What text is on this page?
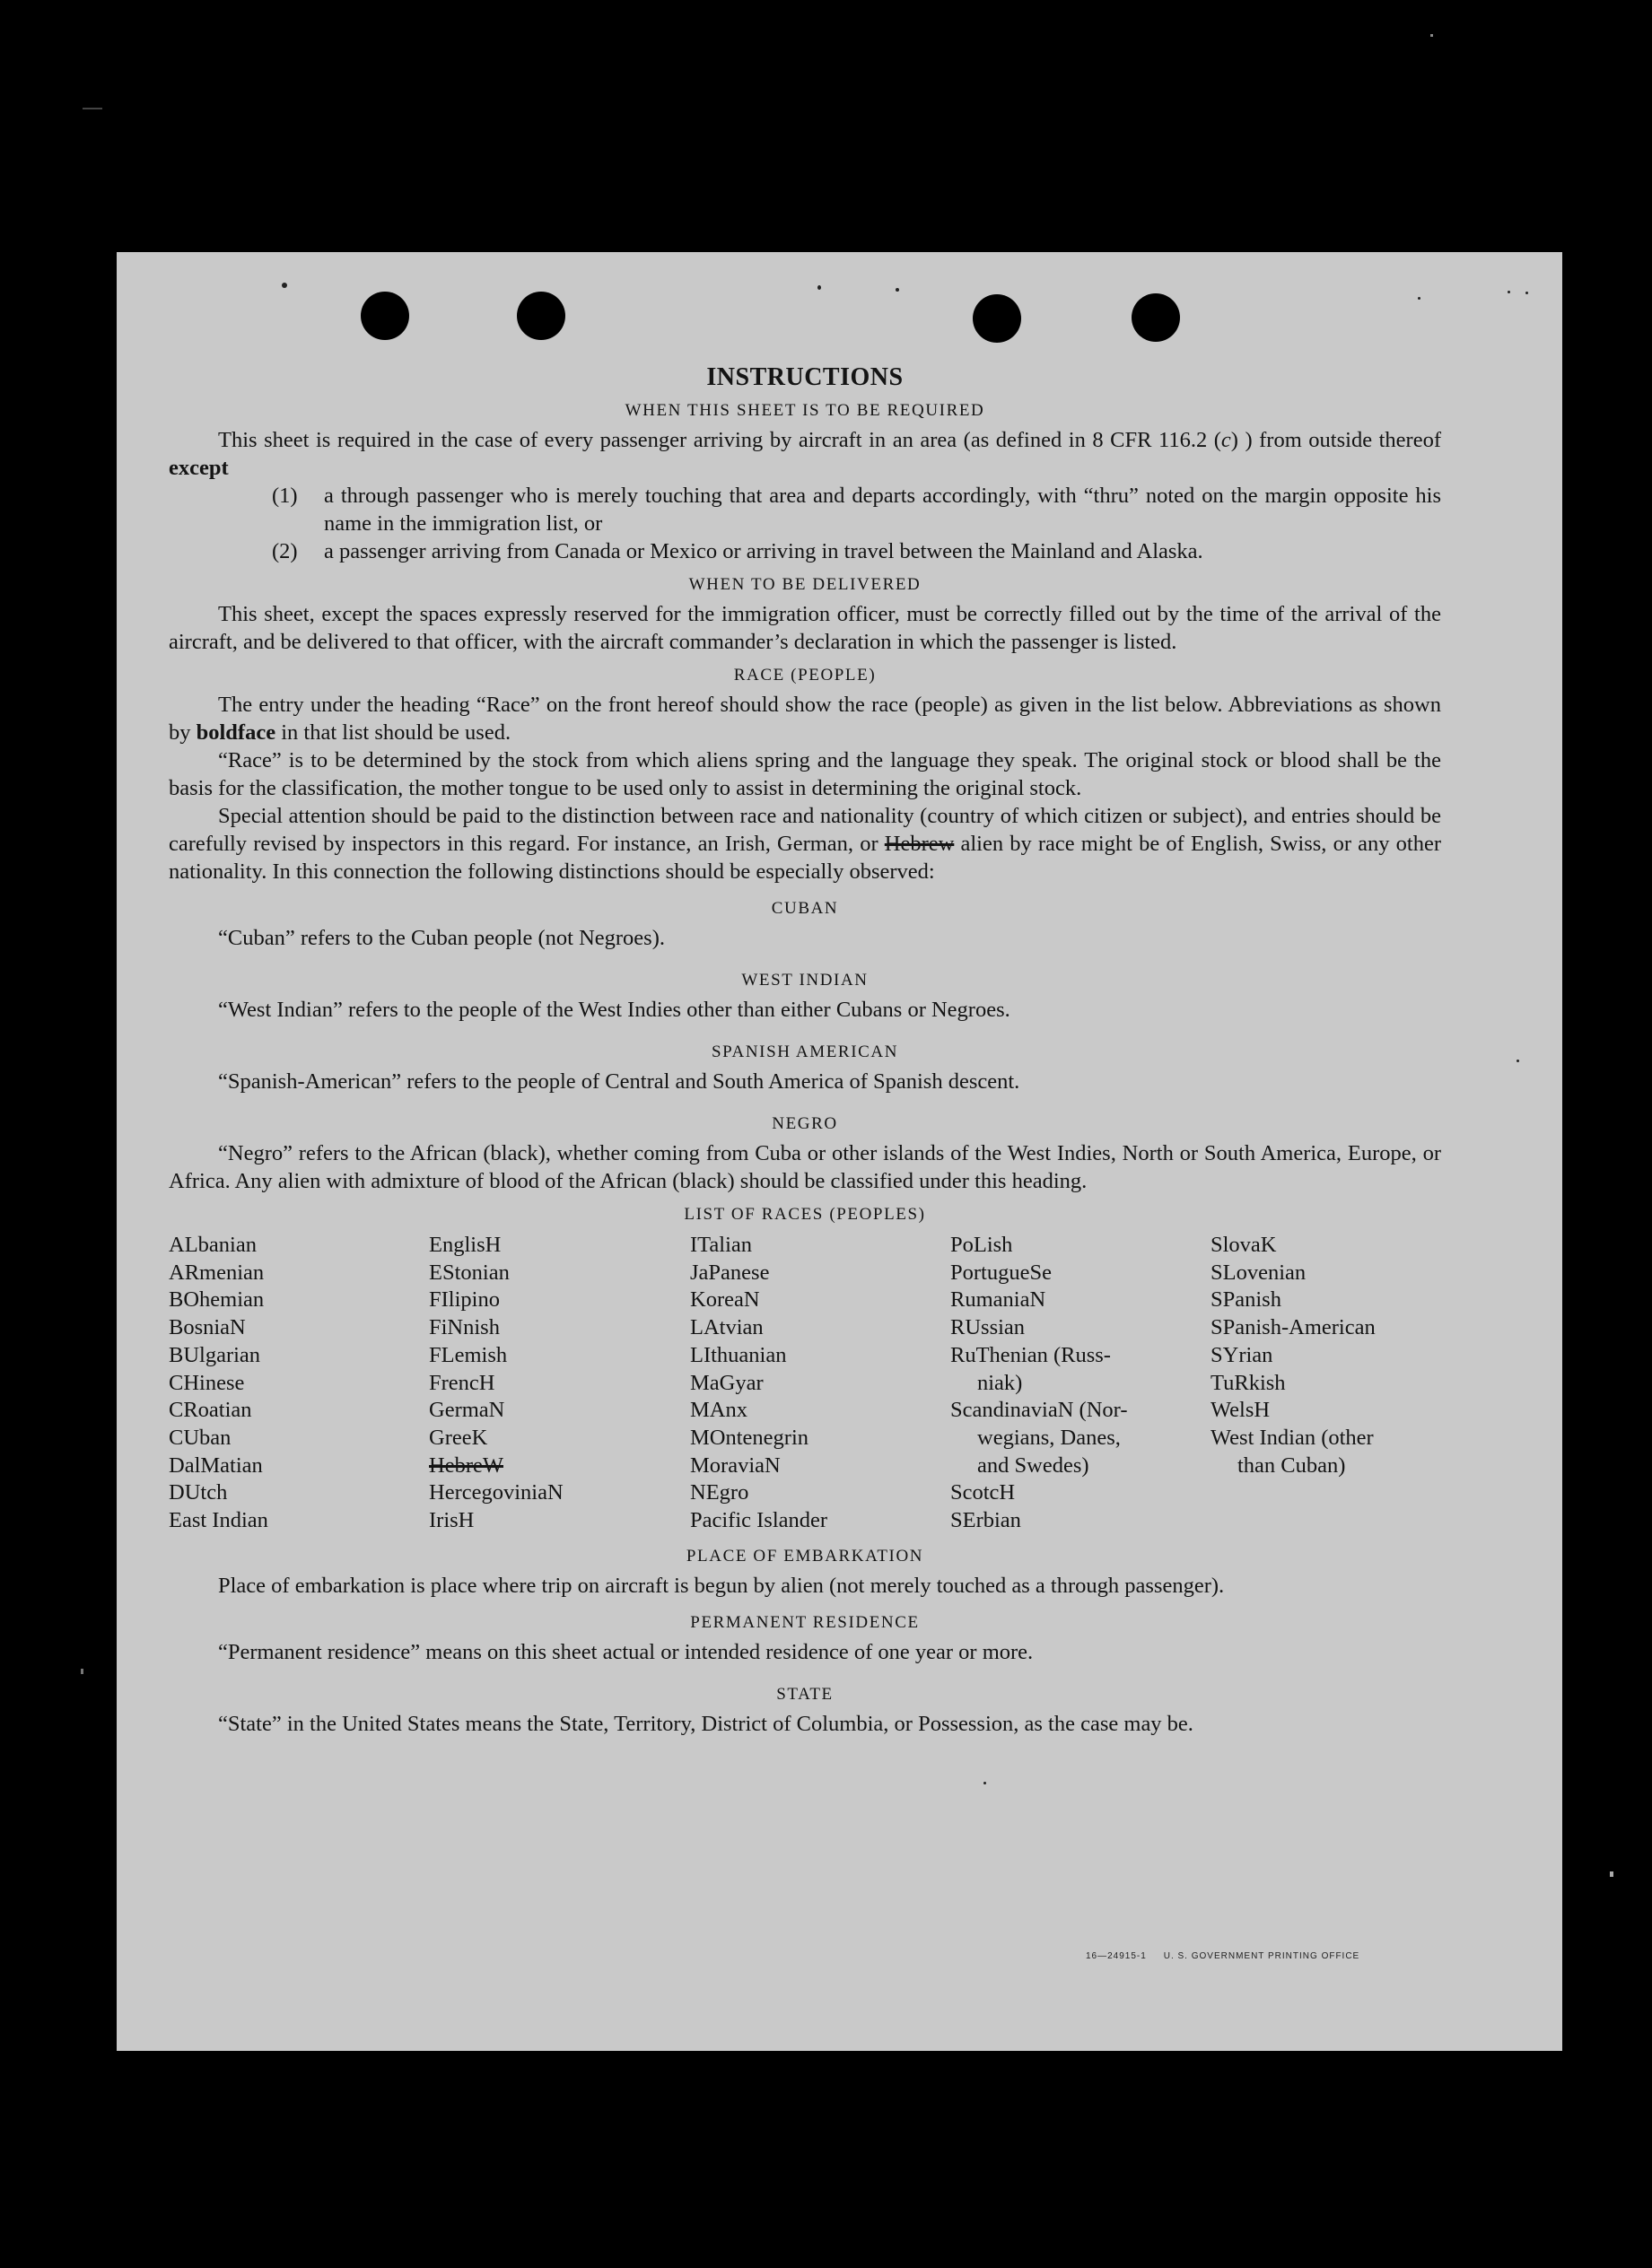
INSTRUCTIONS
WHEN THIS SHEET IS TO BE REQUIRED

This sheet is required in the case of every passenger arriving by aircraft in an area (as defined in 8 CFR 116.2 (c) ) from outside thereof except

(1)	a through passenger who is merely touching that area and departs accordingly, with “thru” noted on the margin opposite his name in the immigration list, or
(2)	a passenger arriving from Canada or Mexico or arriving in travel between the Mainland and Alaska.
WHEN TO BE DELIVERED

This sheet, except the spaces expressly reserved for the immigration officer, must be correctly filled out by the time of the arrival of the aircraft, and be delivered to that officer, with the aircraft commander’s declaration in which the passenger is listed.

RACE (PEOPLE)

The entry under the heading “Race” on the front hereof should show the race (people) as given in the list below. Abbreviations as shown by boldface in that list should be used.

“Race” is to be determined by the stock from which aliens spring and the language they speak. The original stock or blood shall be the basis for the classification, the mother tongue to be used only to assist in determining the original stock.

Special attention should be paid to the distinction between race and nationality (country of which citizen or subject), and entries should be carefully revised by inspectors in this regard. For instance, an Irish, German, or Hebrew alien by race might be of English, Swiss, or any other nationality. In this connection the following distinctions should be especially observed:

CUBAN

“Cuban” refers to the Cuban people (not Negroes).

WEST INDIAN

“West Indian” refers to the people of the West Indies other than either Cubans or Negroes.

SPANISH AMERICAN

“Spanish-American” refers to the people of Central and South America of Spanish descent.

NEGRO

“Negro” refers to the African (black), whether coming from Cuba or other islands of the West Indies, North or South America, Europe, or Africa. Any alien with admixture of blood of the African (black) should be classified under this heading.

LIST OF RACES (PEOPLES)
ALbanian
ARmenian
BOhemian
BosniaN
BUlgarian
CHinese
CRoatian
CUban
DalMatian
DUtch
East Indian
EnglisH
EStonian
FIlipino
FiNnish
FLemish
FrencH
GermaN
GreeK
HebreW
HercegoviniaN
IrisH
ITalian
JaPanese
KoreaN
LAtvian
LIthuanian
MaGyar
MAnx
MOntenegrin
MoraviaN
NEgro
Pacific Islander
PoLish
PortugueSe
RumaniaN
RUssian
RuThenian (Russ-
niak)
ScandinaviaN (Nor-
wegians, Danes,
and Swedes)
ScotcH
SErbian
SlovaK
SLovenian
SPanish
SPanish-American
SYrian
TuRkish
WelsH
West Indian (other
than Cuban)
PLACE OF EMBARKATION

Place of embarkation is place where trip on aircraft is begun by alien (not merely touched as a through passenger).

PERMANENT RESIDENCE

“Permanent residence” means on this sheet actual or intended residence of one year or more.

STATE

“State” in the United States means the State, Territory, District of Columbia, or Possession, as the case may be.

16—24915-1 U. S. GOVERNMENT PRINTING OFFICE
